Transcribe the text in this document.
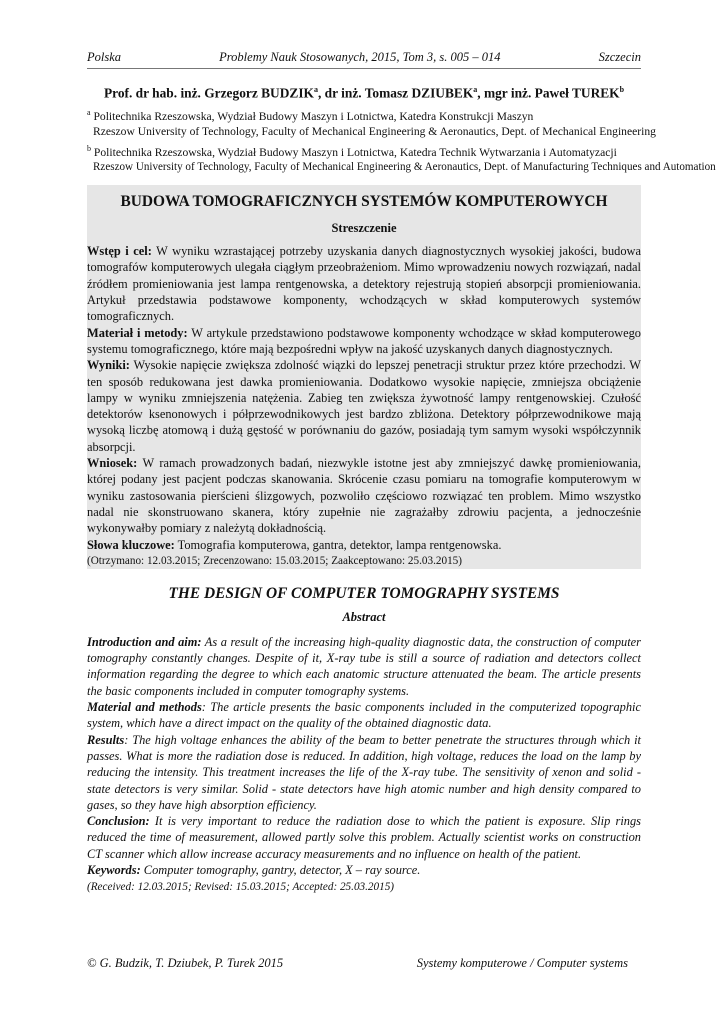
Polska	Problemy Nauk Stosowanych, 2015, Tom 3, s. 005 – 014	Szczecin
Prof. dr hab. inż. Grzegorz BUDZIK$^a$, dr inż. Tomasz DZIUBEK$^a$, mgr inż. Paweł TUREK$^b$
$^a$ Politechnika Rzeszowska, Wydział Budowy Maszyn i Lotnictwa, Katedra Konstrukcji Maszyn
Rzeszow University of Technology, Faculty of Mechanical Engineering & Aeronautics, Dept. of Mechanical Engineering
$^b$ Politechnika Rzeszowska, Wydział Budowy Maszyn i Lotnictwa, Katedra Technik Wytwarzania i Automatyzacji
Rzeszow University of Technology, Faculty of Mechanical Engineering & Aeronautics, Dept. of Manufacturing Techniques and Automation
BUDOWA TOMOGRAFICZNYCH SYSTEMÓW KOMPUTEROWYCH
Streszczenie

Wstęp i cel: W wyniku wzrastającej potrzeby uzyskania danych diagnostycznych wysokiej jakości, budowa tomografów komputerowych ulegała ciągłym przeobrażeniom. Mimo wprowadzeniu nowych rozwiązań, nadal źródłem promieniowania jest lampa rentgenowska, a detektory rejestrują stopień absorpcji promieniowania. Artykuł przedstawia podstawowe komponenty, wchodzących w skład komputerowych systemów tomograficznych.

Materiał i metody: W artykule przedstawiono podstawowe komponenty wchodzące w skład komputerowego systemu tomograficznego, które mają bezpośredni wpływ na jakość uzyskanych danych diagnostycznych.

Wyniki: Wysokie napięcie zwiększa zdolność wiązki do lepszej penetracji struktur przez które przechodzi. W ten sposób redukowana jest dawka promieniowania. Dodatkowo wysokie napięcie, zmniejsza obciążenie lampy w wyniku zmniejszenia natężenia. Zabieg ten zwiększa żywotność lampy rentgenowskiej. Czułość detektorów ksenonowych i półprzewodnikowych jest bardzo zbliżona. Detektory półprzewodnikowe mają wysoką liczbę atomową i dużą gęstość w porównaniu do gazów, posiadają tym samym wysoki współczynnik absorpcji.

Wniosek: W ramach prowadzonych badań, niezwykle istotne jest aby zmniejszyć dawkę promieniowania, której podany jest pacjent podczas skanowania. Skrócenie czasu pomiaru na tomografie komputerowym w wyniku zastosowania pierścieni ślizgowych, pozwoliło częściowo rozwiązać ten problem. Mimo wszystko nadal nie skonstruowano skanera, który zupełnie nie zagrażałby zdrowiu pacjenta, a jednocześnie wykonywałby pomiary z należytą dokładnością.

Słowa kluczowe: Tomografia komputerowa, gantra, detektor, lampa rentgenowska.

(Otrzymano: 12.03.2015; Zrecenzowano: 15.03.2015; Zaakceptowano: 25.03.2015)
THE DESIGN OF COMPUTER TOMOGRAPHY SYSTEMS
Abstract

Introduction and aim: As a result of the increasing high-quality diagnostic data, the construction of computer tomography constantly changes. Despite of it, X-ray tube is still a source of radiation and detectors collect information regarding the degree to which each anatomic structure attenuated the beam. The article presents the basic components included in computer tomography systems.

Material and methods: The article presents the basic components included in the computerized topographic system, which have a direct impact on the quality of the obtained diagnostic data.

Results: The high voltage enhances the ability of the beam to better penetrate the structures through which it passes. What is more the radiation dose is reduced. In addition, high voltage, reduces the load on the lamp by reducing the intensity. This treatment increases the life of the X-ray tube. The sensitivity of xenon and solid -state detectors is very similar. Solid - state detectors have high atomic number and high density compared to gases, so they have high absorption efficiency.

Conclusion: It is very important to reduce the radiation dose to which the patient is exposure. Slip rings reduced the time of measurement, allowed partly solve this problem. Actually scientist works on construction CT scanner which allow increase accuracy measurements and no influence on health of the patient.

Keywords: Computer tomography, gantry, detector, X – ray source.

(Received: 12.03.2015; Revised: 15.03.2015; Accepted: 25.03.2015)
© G. Budzik, T. Dziubek, P. Turek 2015	Systemy komputerowe / Computer systems
